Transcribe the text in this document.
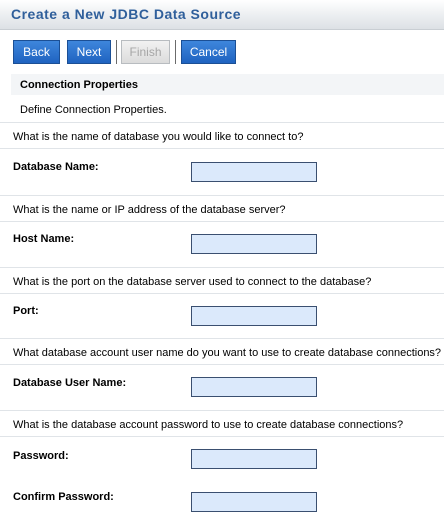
Create a New JDBC Data Source
Back	Next	Finish	Cancel
Connection Properties
Define Connection Properties.
What is the name of database you would like to connect to?
Database Name:
What is the name or IP address of the database server?
Host Name:
What is the port on the database server used to connect to the database?
Port:
What database account user name do you want to use to create database connections?
Database User Name:
What is the database account password to use to create database connections?
Password:
Confirm Password:
